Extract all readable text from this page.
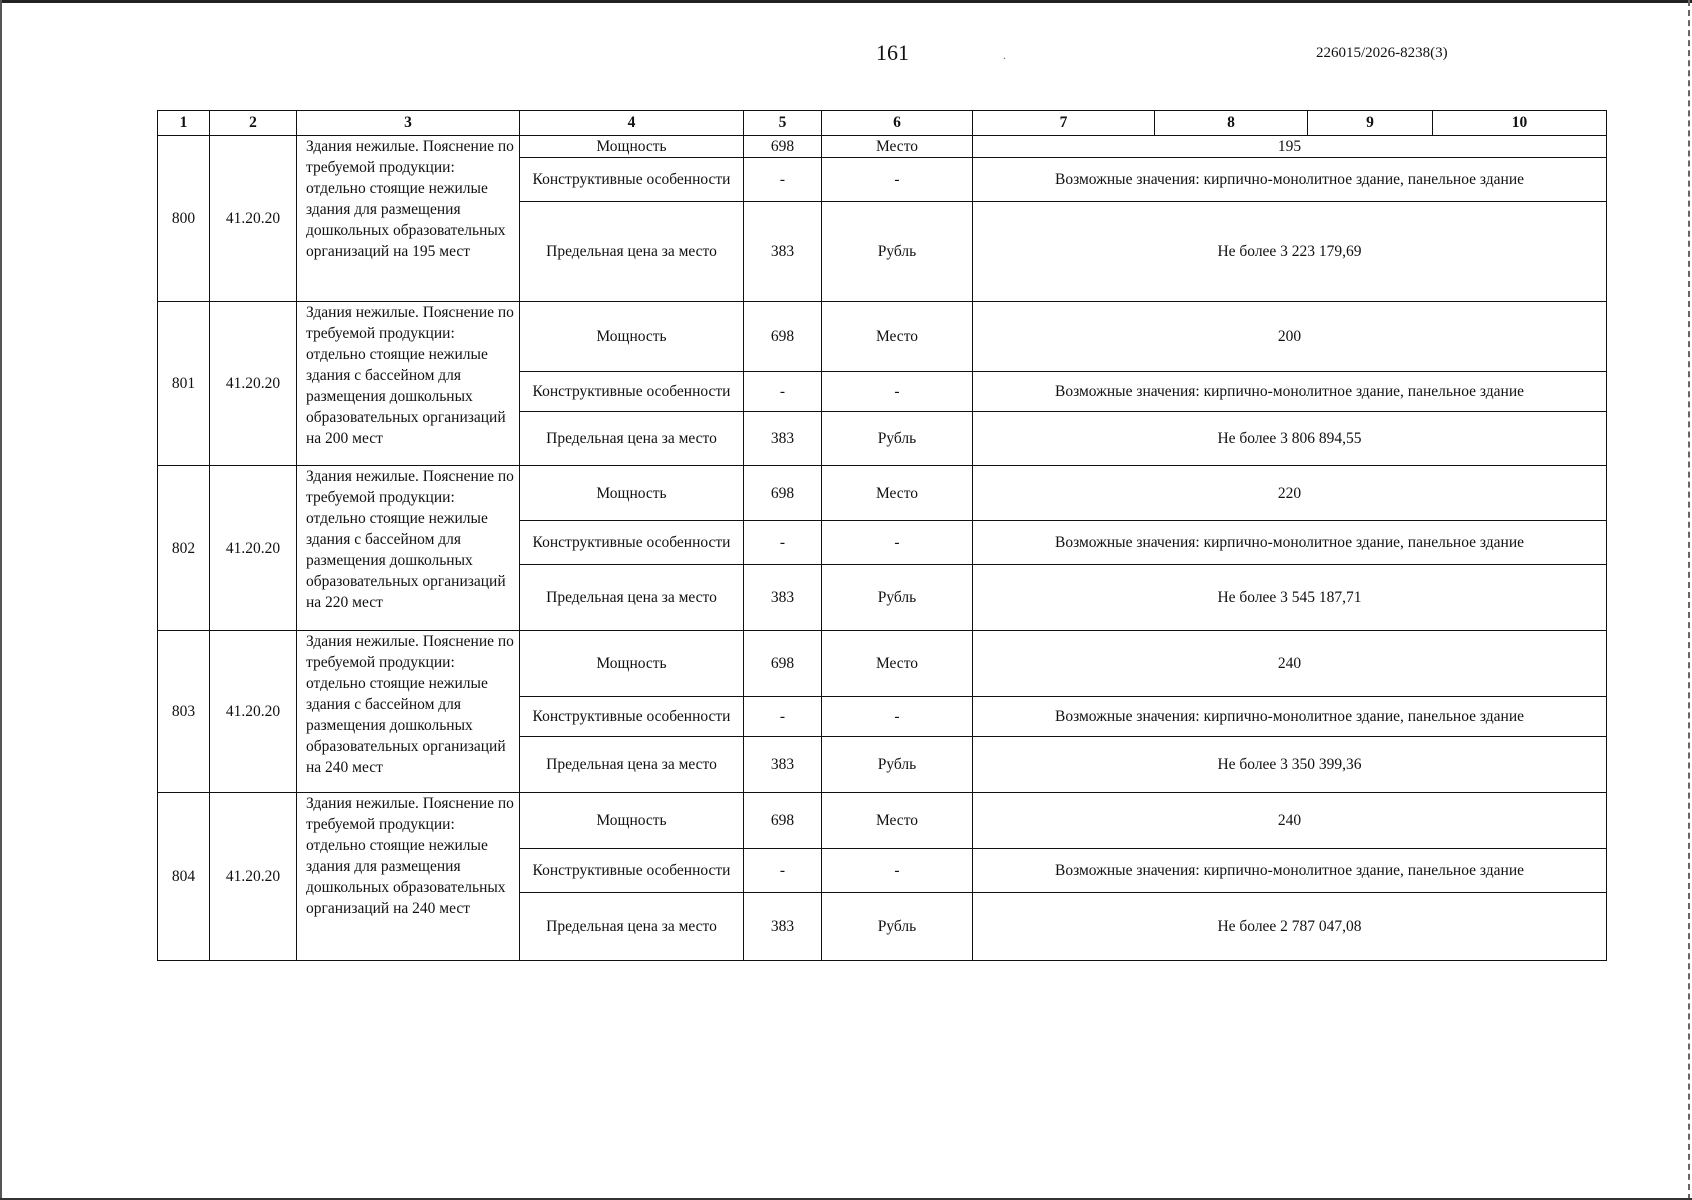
161	.	226015/2026-8238(3)
1	2	3	4	5	6	7	8	9	10
800	41.20.20	Здания нежилые. Пояснение по требуемой продукции: отдельно стоящие нежилые здания для размещения дошкольных образовательных организаций на 195 мест	Мощность	698	Место	195			
			Конструктивные особенности	-	-	Возможные значения: кирпично-монолитное здание, панельное здание			
			Предельная цена за место	383	Рубль	Не более 3 223 179,69			
801	41.20.20	Здания нежилые. Пояснение по требуемой продукции: отдельно стоящие нежилые здания с бассейном для размещения дошкольных образовательных организаций на 200 мест	Мощность	698	Место	200			
			Конструктивные особенности	-	-	Возможные значения: кирпично-монолитное здание, панельное здание			
			Предельная цена за место	383	Рубль	Не более 3 806 894,55			
802	41.20.20	Здания нежилые. Пояснение по требуемой продукции: отдельно стоящие нежилые здания с бассейном для размещения дошкольных образовательных организаций на 220 мест	Мощность	698	Место	220			
			Конструктивные особенности	-	-	Возможные значения: кирпично-монолитное здание, панельное здание			
			Предельная цена за место	383	Рубль	Не более 3 545 187,71			
803	41.20.20	Здания нежилые. Пояснение по требуемой продукции: отдельно стоящие нежилые здания с бассейном для размещения дошкольных образовательных организаций на 240 мест	Мощность	698	Место	240			
			Конструктивные особенности	-	-	Возможные значения: кирпично-монолитное здание, панельное здание			
			Предельная цена за место	383	Рубль	Не более 3 350 399,36			
804	41.20.20	Здания нежилые. Пояснение по требуемой продукции: отдельно стоящие нежилые здания для размещения дошкольных образовательных организаций на 240 мест	Мощность	698	Место	240			
			Конструктивные особенности	-	-	Возможные значения: кирпично-монолитное здание, панельное здание			
			Предельная цена за место	383	Рубль	Не более 2 787 047,08			
